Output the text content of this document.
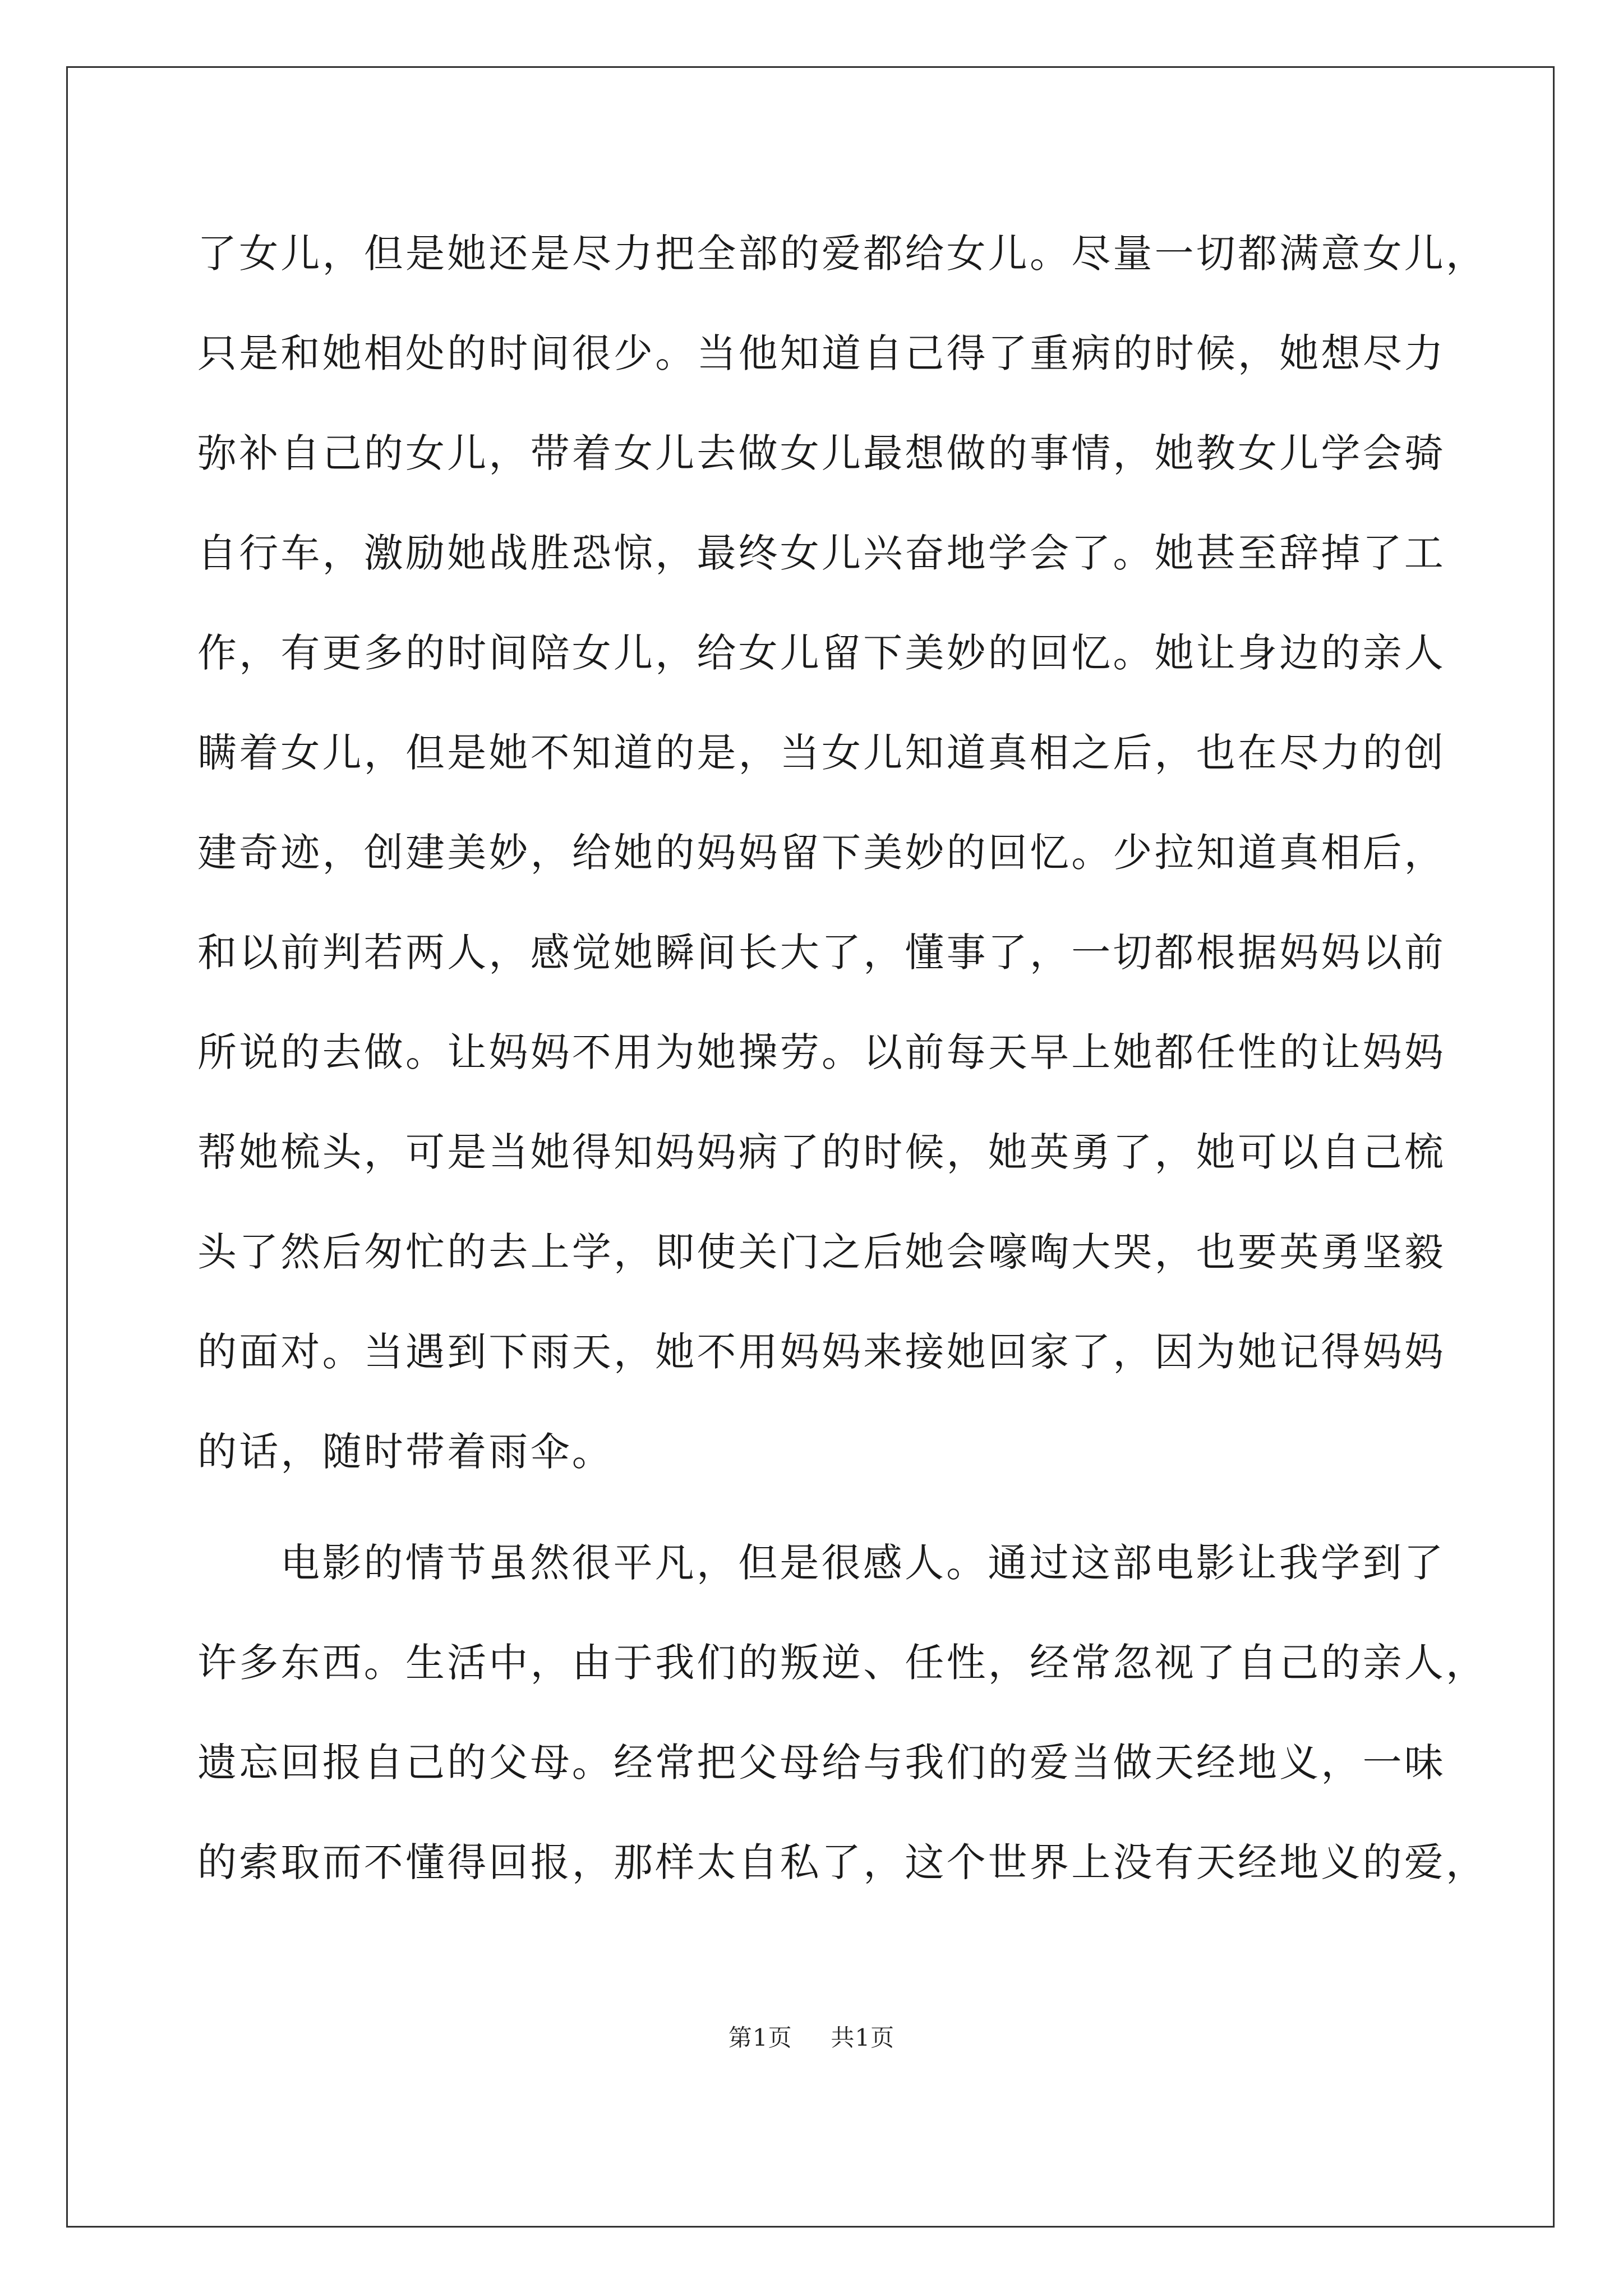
了女儿，但是她还是尽力把全部的爱都给女儿。尽量一切都满意女儿，
只是和她相处的时间很少。当他知道自己得了重病的时候，她想尽力
弥补自己的女儿，带着女儿去做女儿最想做的事情，她教女儿学会骑
自行车，激励她战胜恐惊，最终女儿兴奋地学会了。她甚至辞掉了工
作，有更多的时间陪女儿，给女儿留下美妙的回忆。她让身边的亲人
瞒着女儿，但是她不知道的是，当女儿知道真相之后，也在尽力的创
建奇迹，创建美妙，给她的妈妈留下美妙的回忆。少拉知道真相后，
和以前判若两人，感觉她瞬间长大了，懂事了，一切都根据妈妈以前
所说的去做。让妈妈不用为她操劳。以前每天早上她都任性的让妈妈
帮她梳头，可是当她得知妈妈病了的时候，她英勇了，她可以自己梳
头了然后匆忙的去上学，即使关门之后她会嚎啕大哭，也要英勇坚毅
的面对。当遇到下雨天，她不用妈妈来接她回家了，因为她记得妈妈
的话，随时带着雨伞。
电影的情节虽然很平凡，但是很感人。通过这部电影让我学到了
许多东西。生活中，由于我们的叛逆、任性，经常忽视了自己的亲人，
遗忘回报自己的父母。经常把父母给与我们的爱当做天经地义，一味
的索取而不懂得回报，那样太自私了，这个世界上没有天经地义的爱，
第1页 共1页
